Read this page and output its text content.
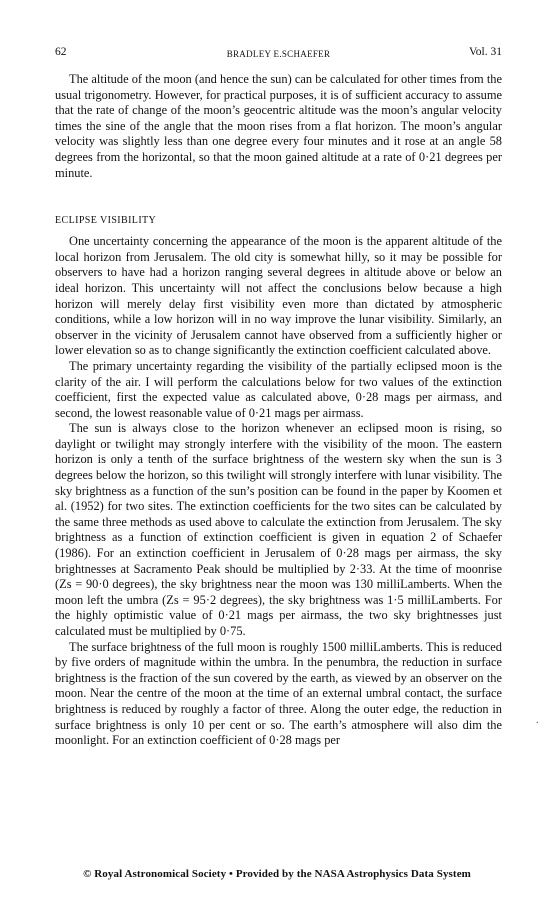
62	BRADLEY E.SCHAEFER	Vol. 31

The altitude of the moon (and hence the sun) can be calculated for other times from the usual trigonometry. However, for practical purposes, it is of sufficient accuracy to assume that the rate of change of the moon’s geocentric altitude was the moon’s angular velocity times the sine of the angle that the moon rises from a flat horizon. The moon’s angular velocity was slightly less than one degree every four minutes and it rose at an angle 58 degrees from the horizontal, so that the moon gained altitude at a rate of 0·21 degrees per minute.

ECLIPSE VISIBILITY

One uncertainty concerning the appearance of the moon is the apparent altitude of the local horizon from Jerusalem. The old city is somewhat hilly, so it may be possible for observers to have had a horizon ranging several degrees in altitude above or below an ideal horizon. This uncertainty will not affect the conclusions below because a high horizon will merely delay first visibility even more than dictated by atmospheric conditions, while a low horizon will in no way improve the lunar visibility. Similarly, an observer in the vicinity of Jerusalem cannot have observed from a sufficiently higher or lower elevation so as to change significantly the extinction coefficient calculated above.

The primary uncertainty regarding the visibility of the partially eclipsed moon is the clarity of the air. I will perform the calculations below for two values of the extinction coefficient, first the expected value as calculated above, 0·28 mags per airmass, and second, the lowest reasonable value of 0·21 mags per airmass.

The sun is always close to the horizon whenever an eclipsed moon is rising, so daylight or twilight may strongly interfere with the visibility of the moon. The eastern horizon is only a tenth of the surface brightness of the western sky when the sun is 3 degrees below the horizon, so this twilight will strongly interfere with lunar visibility. The sky brightness as a function of the sun’s position can be found in the paper by Koomen et al. (1952) for two sites. The extinction coefficients for the two sites can be calculated by the same three methods as used above to calculate the extinction from Jerusalem. The sky brightness as a function of extinction coefficient is given in equation 2 of Schaefer (1986). For an extinction coefficient in Jerusalem of 0·28 mags per airmass, the sky brightnesses at Sacramento Peak should be multiplied by 2·33. At the time of moonrise (Zs = 90·0 degrees), the sky brightness near the moon was 130 milliLamberts. When the moon left the umbra (Zs = 95·2 degrees), the sky brightness was 1·5 milliLamberts. For the highly optimistic value of 0·21 mags per airmass, the two sky brightnesses just calculated must be multiplied by 0·75.

The surface brightness of the full moon is roughly 1500 milliLamberts. This is reduced by five orders of magnitude within the umbra. In the penumbra, the reduction in surface brightness is the fraction of the sun covered by the earth, as viewed by an observer on the moon. Near the centre of the moon at the time of an external umbral contact, the surface brightness is reduced by roughly a factor of three. Along the outer edge, the reduction in surface brightness is only 10 per cent or so. The earth’s atmosphere will also dim the moonlight. For an extinction coefficient of 0·28 mags per

.
© Royal Astronomical Society • Provided by the NASA Astrophysics Data System
